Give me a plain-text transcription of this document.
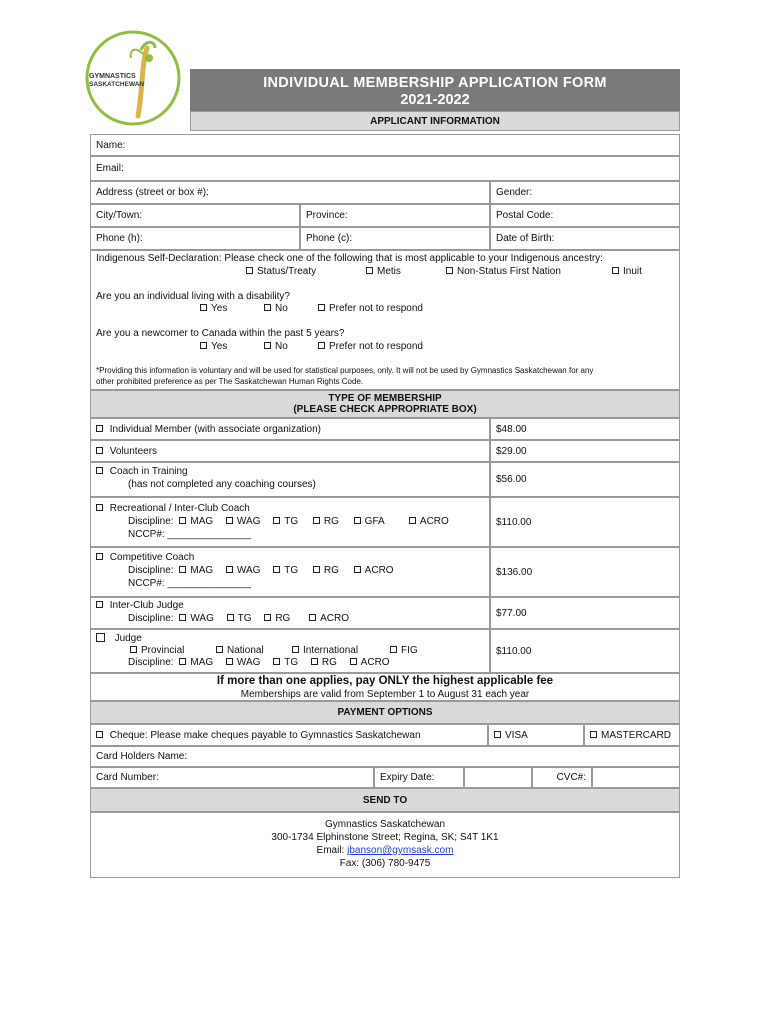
GYMNASTICS
SASKATCHEWAN	INDIVIDUAL MEMBERSHIP APPLICATION FORM
2021-2022
APPLICANT INFORMATION
Name:
Email:
Address (street or box #):	Gender:
City/Town:	Province:	Postal Code:
Phone (h):	Phone (c):	Date of Birth:
Indigenous Self-Declaration: Please check one of the following that is most applicable to your Indigenous ancestry:
Status/Treaty	Metis	Non-Status First Nation	Inuit
Are you an individual living with a disability?
Yes	No	Prefer not to respond
Are you a newcomer to Canada within the past 5 years?
Yes	No	Prefer not to respond
*Providing this information is voluntary and will be used for statistical purposes, only. It will not be used by Gymnastics Saskatchewan for any
other prohibited preference as per The Saskatchewan Human Rights Code.
TYPE OF MEMBERSHIP
(PLEASE CHECK APPROPRIATE BOX)

Individual Member (with associate organization)	$48.00

Volunteers	$29.00
Coach in Training
(has not completed any coaching courses)	$56.00
Recreational / Inter-Club Coach
Discipline: MAG WAG TG	RG	GFA	ACRO
NCCP#: _______________
$110.00
Competitive Coach
Discipline: MAG WAG TG	RG	ACRO
NCCP#: _______________
$136.00
Inter-Club Judge
Discipline: WAG TG RG	ACRO	$77.00
Judge
Provincial	National	International	FIG
Discipline: MAG WAG TG RG ACRO
$110.00
If more than one applies, pay ONLY the highest applicable fee
Memberships are valid from September 1 to August 31 each year
PAYMENT OPTIONS

Cheque: Please make cheques payable to Gymnastics Saskatchewan	VISA	MASTERCARD
Card Holders Name:
Card Number:	Expiry Date:	CVC#:
SEND TO
Gymnastics Saskatchewan
300-1734 Elphinstone Street; Regina, SK; S4T 1K1
Email: jbanson@gymsask.com
Fax: (306) 780-9475
